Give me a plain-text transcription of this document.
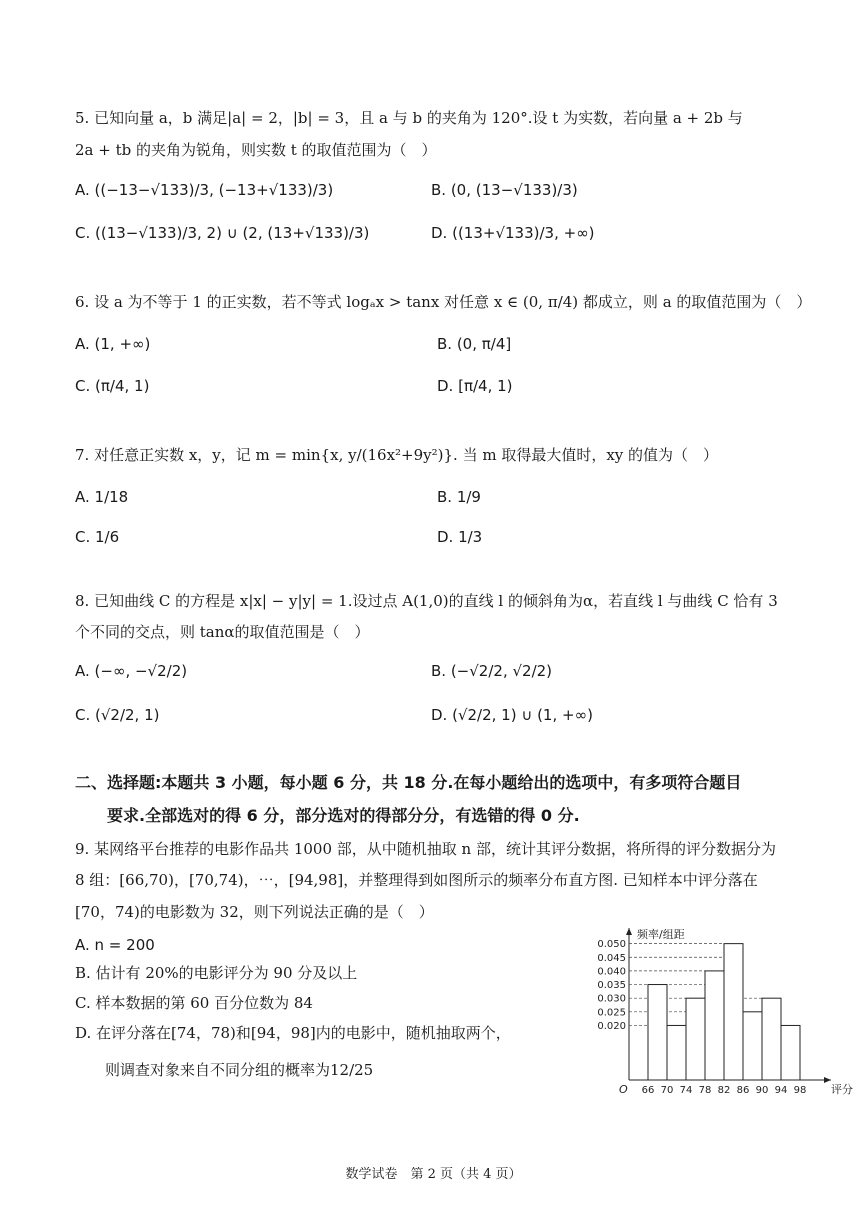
5. 已知向量 a，b 满足|a| = 2，|b| = 3，且 a 与 b 的夹角为 120°.设 t 为实数，若向量 a + 2b 与
2a + tb 的夹角为锐角，则实数 t 的取值范围为（　）
A. ((−13−√133)/3, (−13+√133)/3)	B. (0, (13−√133)/3)
C. ((13−√133)/3, 2) ∪ (2, (13+√133)/3)	D. ((13+√133)/3, +∞)
6. 设 a 为不等于 1 的正实数，若不等式 logₐx > tanx 对任意 x ∈ (0, π/4) 都成立，则 a 的取值范围为（　）
A. (1, +∞)	B. (0, π/4]
C. (π/4, 1)	D. [π/4, 1)
7. 对任意正实数 x，y，记 m = min{x, y/(16x²+9y²)}. 当 m 取得最大值时，xy 的值为（　）
A. 1/18	B. 1/9
C. 1/6	D. 1/3
8. 已知曲线 C 的方程是 x|x| − y|y| = 1.设过点 A(1,0)的直线 l 的倾斜角为α，若直线 l 与曲线 C 恰有 3
个不同的交点，则 tanα的取值范围是（　）
A. (−∞, −√2/2)	B. (−√2/2, √2/2)
C. (√2/2, 1)	D. (√2/2, 1) ∪ (1, +∞)
二、选择题:本题共 3 小题，每小题 6 分，共 18 分.在每小题给出的选项中，有多项符合题目
要求.全部选对的得 6 分，部分选对的得部分分，有选错的得 0 分.
9. 某网络平台推荐的电影作品共 1000 部，从中随机抽取 n 部，统计其评分数据，将所得的评分数据分为
8 组：[66,70)，[70,74)，⋯，[94,98]，并整理得到如图所示的频率分布直方图. 已知样本中评分落在
[70，74)的电影数为 32，则下列说法正确的是（　）
A. n = 200
B. 估计有 20%的电影评分为 90 分及以上
C. 样本数据的第 60 百分位数为 84
D. 在评分落在[74，78)和[94，98]内的电影中，随机抽取两个，
则调查对象来自不同分组的概率为12/25
0.020
0.025
0.030
0.035
0.040
0.045
0.050
66 70 74 78 82 86 90 94 98
O
频率/组距
评分
数学试卷　第 2 页（共 4 页）
